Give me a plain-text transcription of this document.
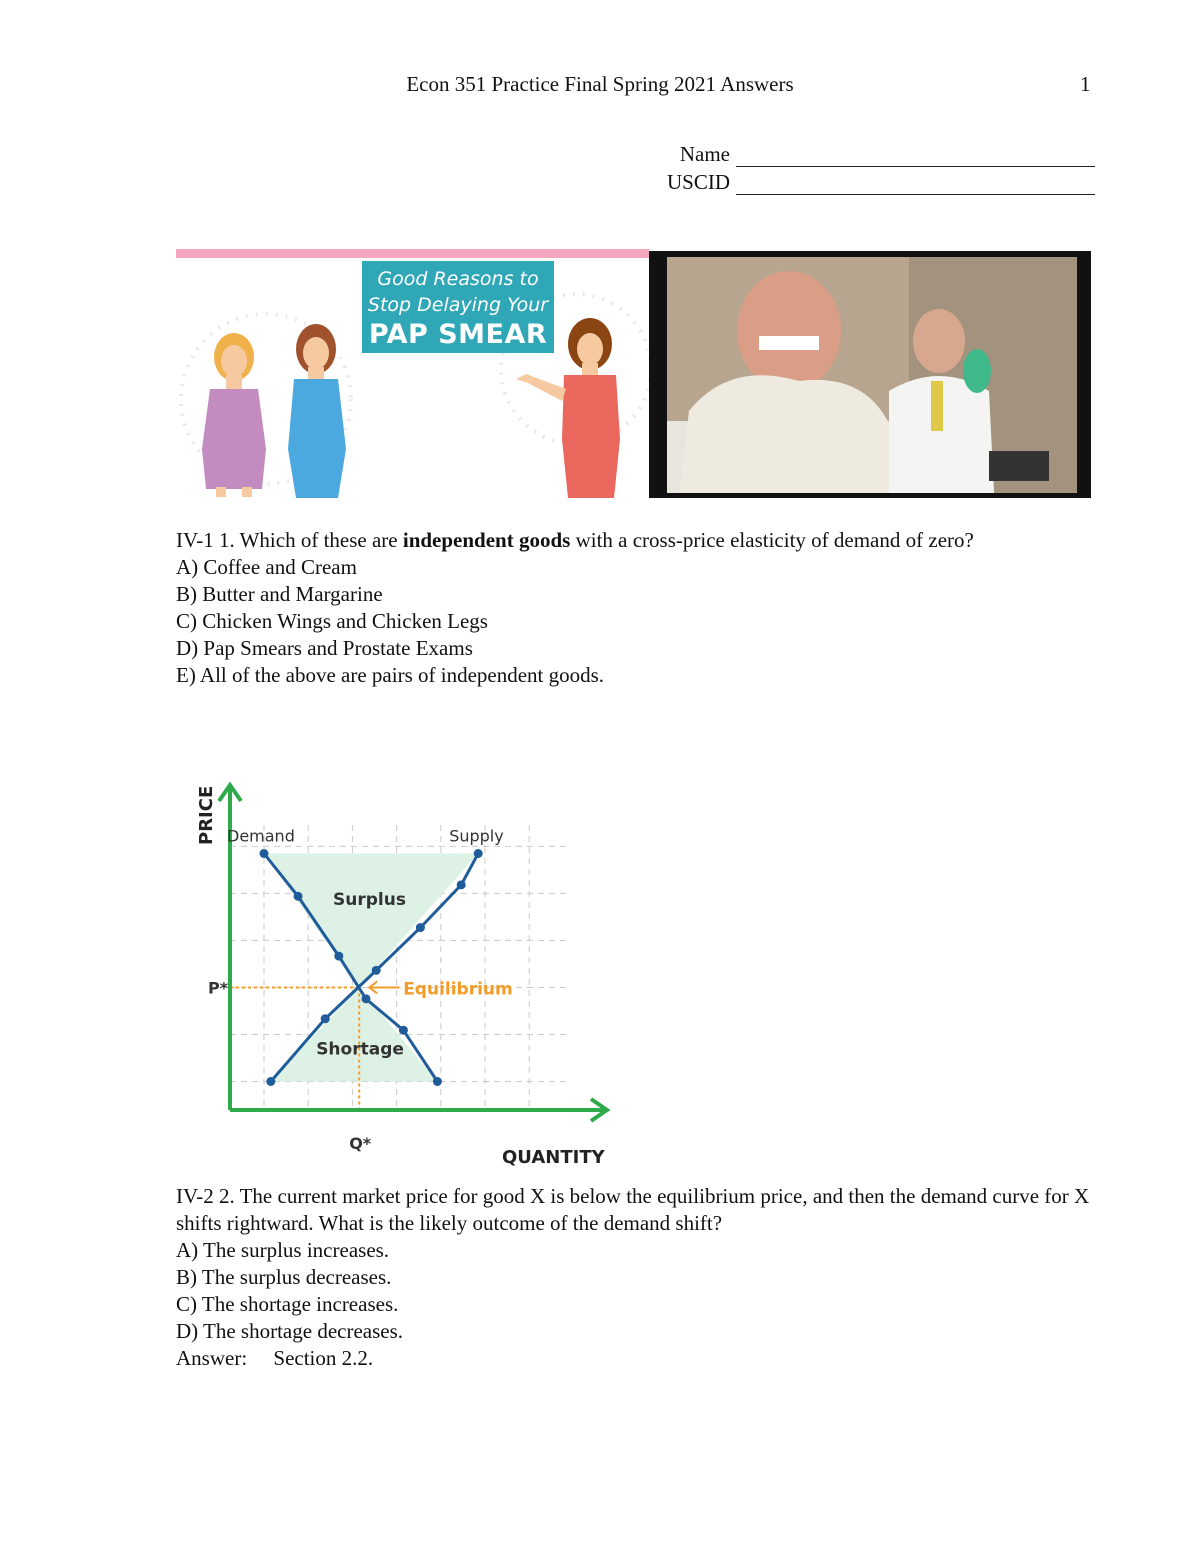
Econ 351 Practice Final Spring 2021 Answers	1
Name
USCID
Good Reasons to
Stop Delaying Your
PAP SMEAR

IV-1 1. Which of these are independent goods with a cross-price elasticity of demand of zero?

A) Coffee and Cream

B) Butter and Margarine

C) Chicken Wings and Chicken Legs

D) Pap Smears and Prostate Exams

E) All of the above are pairs of independent goods.

PRICE
QUANTITY
P*
Q*
Demand	Supply
Surplus
Shortage
Equilibrium

IV-2 2. The current market price for good X is below the equilibrium price, and then the demand curve for X shifts rightward. What is the likely outcome of the demand shift?

A) The surplus increases.

B) The surplus decreases.

C) The shortage increases.

D) The shortage decreases.

Answer: Section 2.2.
